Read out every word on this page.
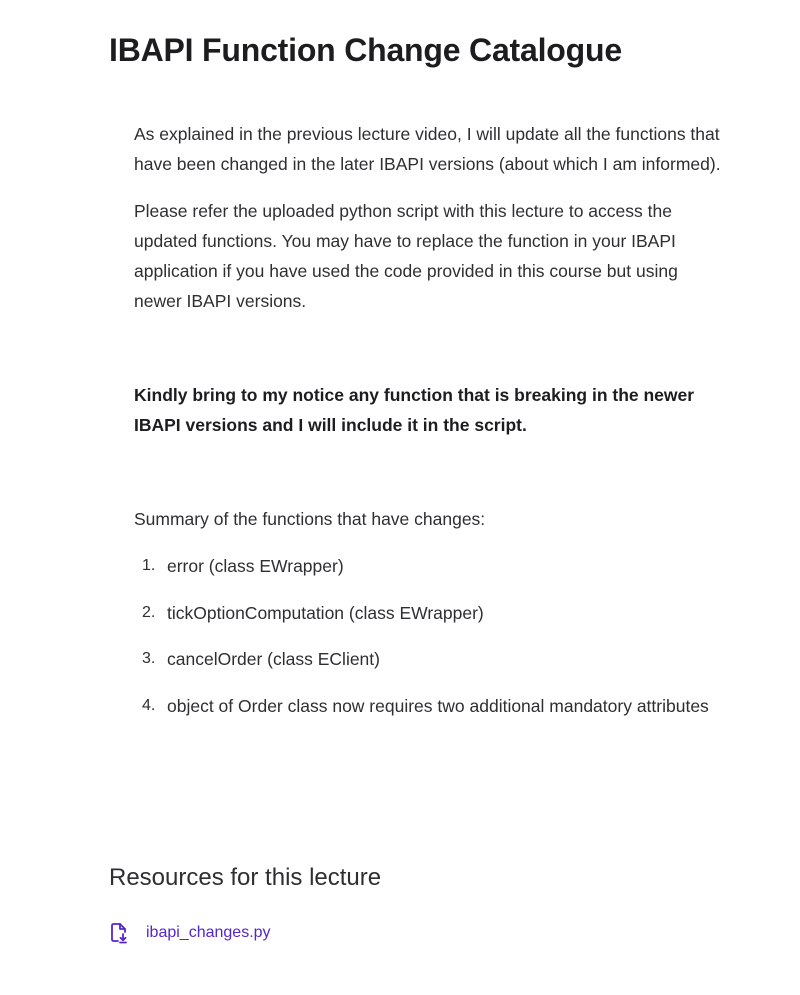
IBAPI Function Change Catalogue

As explained in the previous lecture video, I will update all the functions that have been changed in the later IBAPI versions (about which I am informed).

Please refer the uploaded python script with this lecture to access the updated functions. You may have to replace the function in your IBAPI application if you have used the code provided in this course but using newer IBAPI versions.

Kindly bring to my notice any function that is breaking in the newer IBAPI versions and I will include it in the script.

Summary of the functions that have changes:

1. error (class EWrapper)
2. tickOptionComputation (class EWrapper)
3. cancelOrder (class EClient)
4. object of Order class now requires two additional mandatory attributes
Resources for this lecture
ibapi_changes.py
